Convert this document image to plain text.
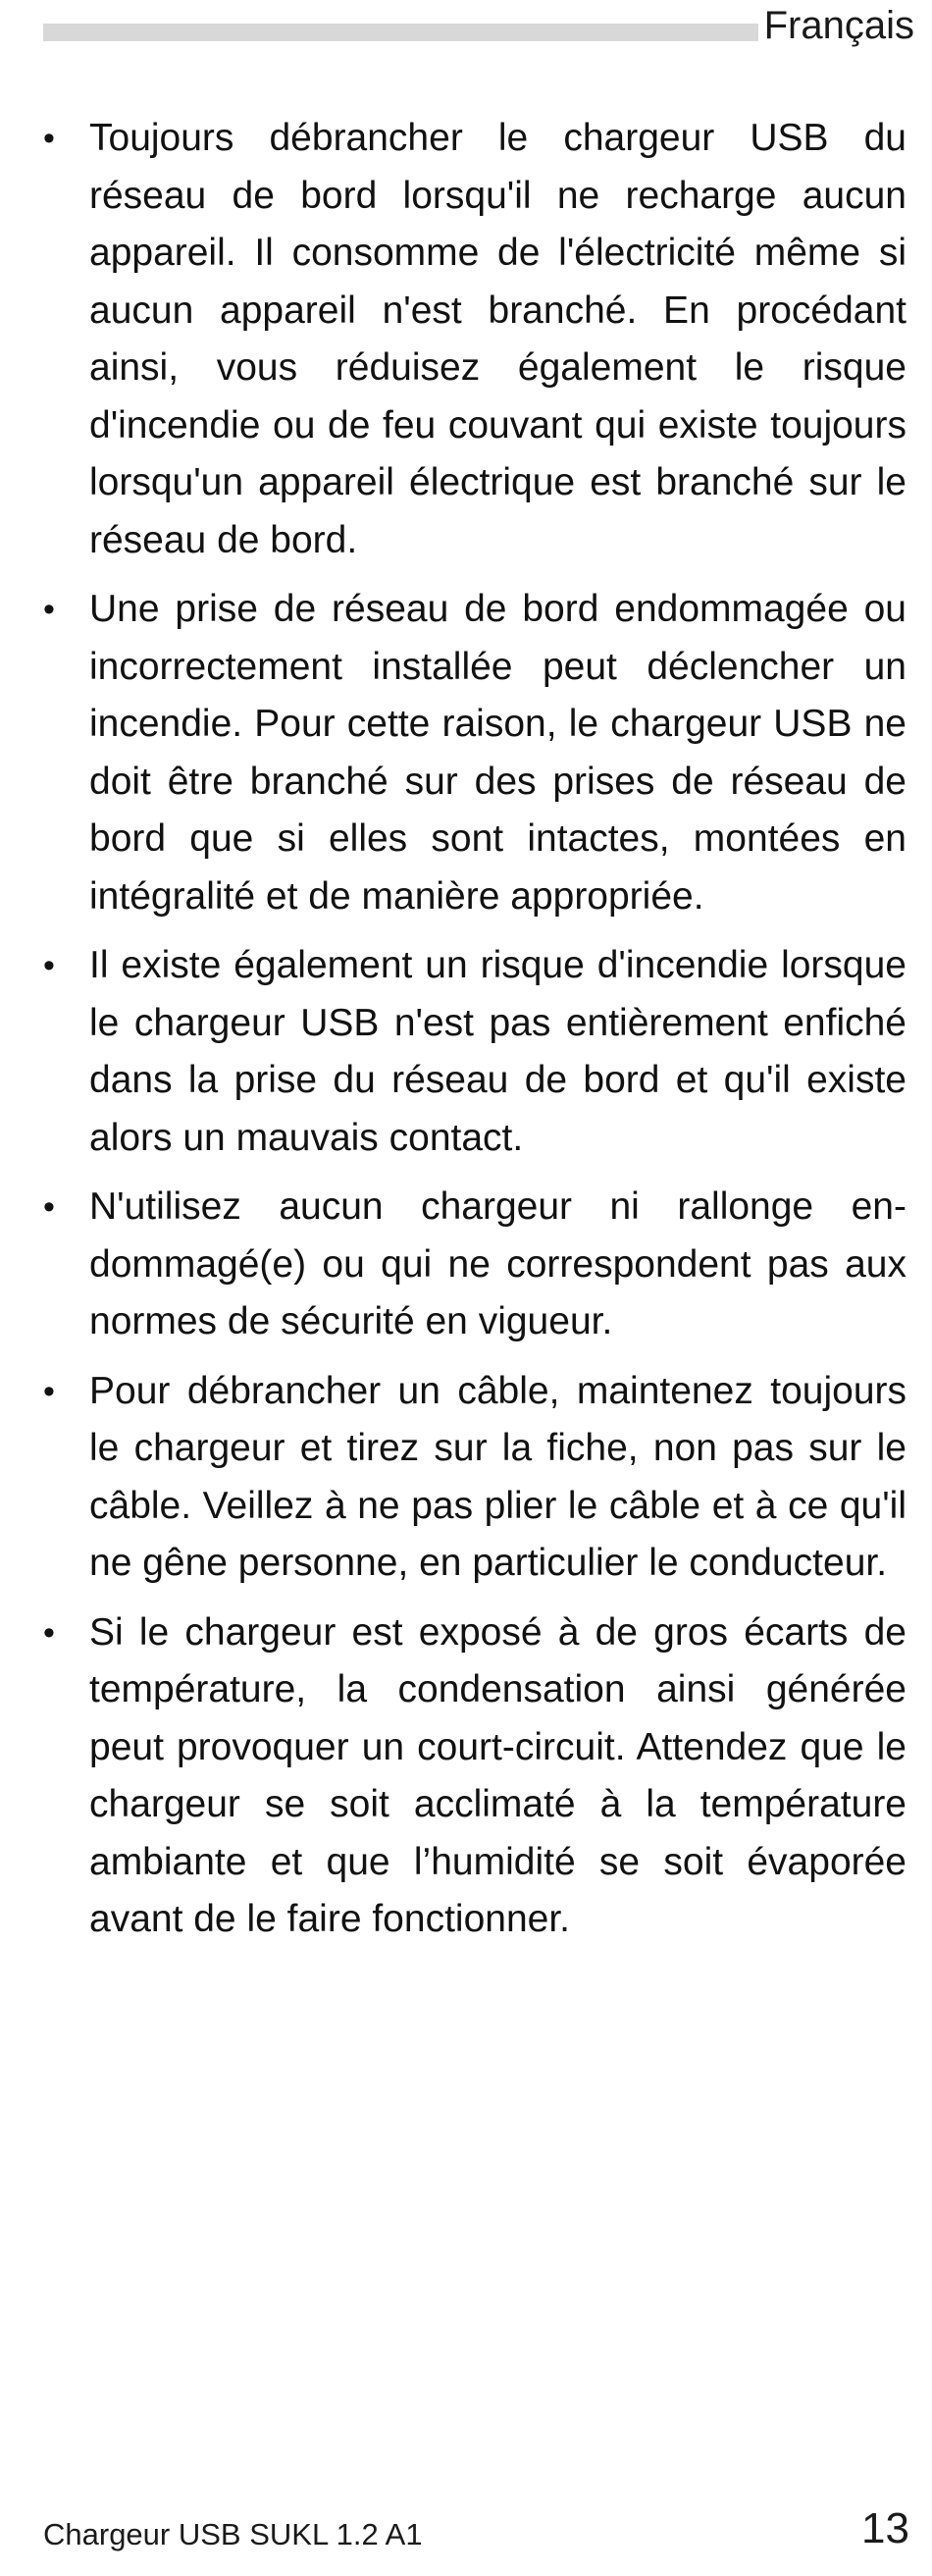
Français
• Toujours débrancher le chargeur USB du réseau de bord lorsqu'il ne recharge aucun appareil. Il consomme de l'électricité même si aucun appareil n'est branché. En procédant ainsi, vous réduisez également le risque d'incendie ou de feu couvant qui existe toujours lorsqu'un appareil électrique est branché sur le réseau de bord.
• Une prise de réseau de bord endommagée ou incorrectement installée peut déclencher un incendie. Pour cette raison, le chargeur USB ne doit être branché sur des prises de réseau de bord que si elles sont intactes, montées en intégralité et de manière appropriée.
• Il existe également un risque d'incendie lorsque le chargeur USB n'est pas entièrement enfiché dans la prise du réseau de bord et qu'il existe alors un mauvais contact.
• N'utilisez aucun chargeur ni rallonge endommagé(e) ou qui ne correspondent pas aux normes de sécurité en vigueur.
• Pour débrancher un câble, maintenez toujours le chargeur et tirez sur la fiche, non pas sur le câble. Veillez à ne pas plier le câble et à ce qu'il ne gêne personne, en particulier le conducteur.
• Si le chargeur est exposé à de gros écarts de température, la condensation ainsi générée peut provoquer un court-circuit. Attendez que le chargeur se soit acclimaté à la température ambiante et que l’humidité se soit évaporée avant de le faire fonctionner.
Chargeur USB SUKL 1.2 A1	13
